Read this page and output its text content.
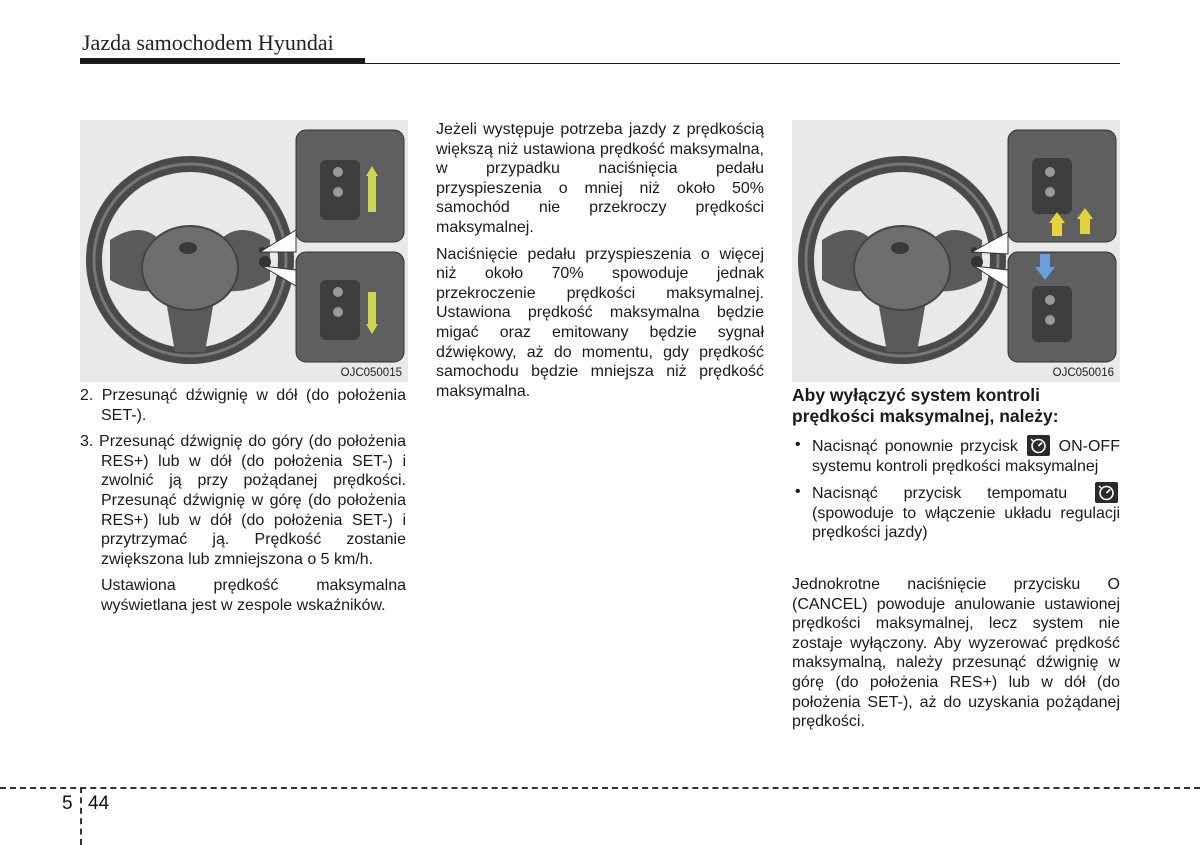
Jazda samochodem Hyundai
OJC050015	OJC050016
2. Przesunąć dźwignię w dół (do położenia SET-).
3. Przesunąć dźwignię do góry (do położenia RES+) lub w dół (do położenia SET-) i zwolnić ją przy pożądanej prędkości. Przesunąć dźwignię w górę (do położenia RES+) lub w dół (do położenia SET-) i przytrzymać ją. Prędkość zostanie zwiększona lub zmniejszona o 5 km/h.

Ustawiona prędkość maksymalna wyświetlana jest w zespole wskaźników.

Jeżeli występuje potrzeba jazdy z prędkością większą niż ustawiona prędkość maksymalna, w przypadku naciśnięcia pedału przyspieszenia o mniej niż około 50% samochód nie przekroczy prędkości maksymalnej.

Naciśnięcie pedału przyspieszenia o więcej niż około 70% spowoduje jednak przekroczenie prędkości maksymalnej. Ustawiona prędkość maksymalna będzie migać oraz emitowany będzie sygnał dźwiękowy, aż do momentu, gdy prędkość samochodu będzie mniejsza niż prędkość maksymalna.	Aby wyłączyć system kontroli prędkości maksymalnej, należy:
• Nacisnąć ponownie przycisk	ON-OFF systemu kontroli prędkości maksymalnej
• Nacisnąć przycisk tempomatu
(spowoduje to włączenie układu regulacji prędkości jazdy)

Jednokrotne naciśnięcie przycisku O (CANCEL) powoduje anulowanie ustawionej prędkości maksymalnej, lecz system nie zostaje wyłączony. Aby wyzerować prędkość maksymalną, należy przesunąć dźwignię w górę (do położenia RES+) lub w dół (do położenia SET-), aż do uzyskania pożądanej prędkości.

5 44
